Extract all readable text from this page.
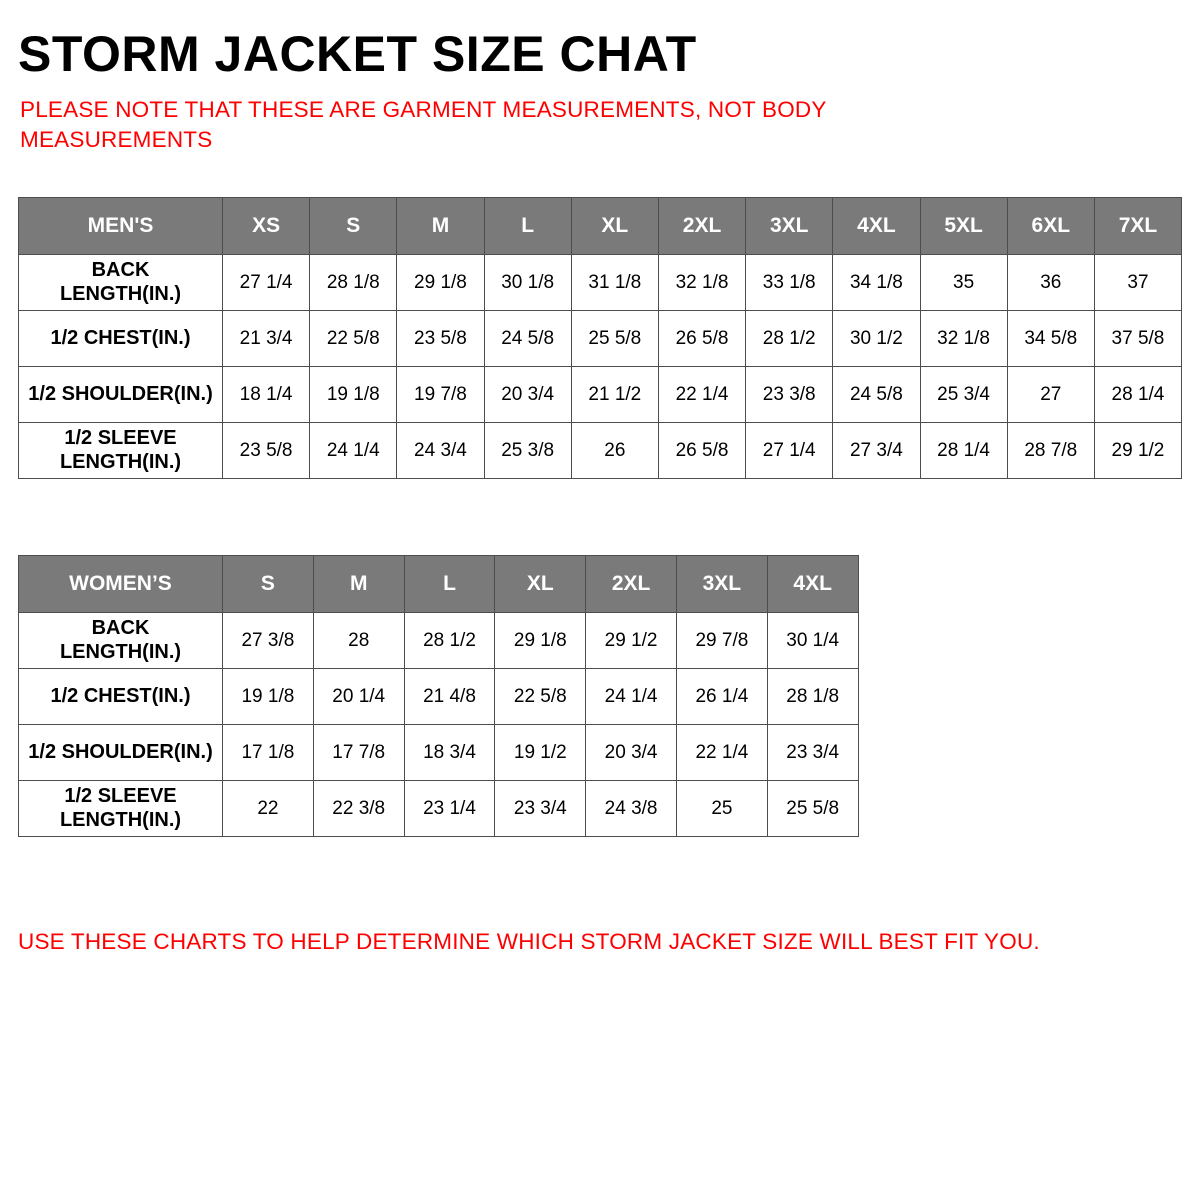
STORM JACKET SIZE CHAT
PLEASE NOTE THAT THESE ARE GARMENT MEASUREMENTS, NOT BODY MEASUREMENTS
MEN'S	XS	S	M	L	XL	2XL	3XL	4XL	5XL	6XL	7XL

BACK
LENGTH(IN.)	27 1/4	28 1/8	29 1/8	30 1/8	31 1/8	32 1/8	33 1/8	34 1/8	35	36	37

1/2 CHEST(IN.)	21 3/4	22 5/8	23 5/8	24 5/8	25 5/8	26 5/8	28 1/2	30 1/2	32 1/8	34 5/8	37 5/8

1/2 SHOULDER(IN.)	18 1/4	19 1/8	19 7/8	20 3/4	21 1/2	22 1/4	23 3/8	24 5/8	25 3/4	27	28 1/4

1/2 SLEEVE
LENGTH(IN.)	23 5/8	24 1/4	24 3/4	25 3/8	26	26 5/8	27 1/4	27 3/4	28 1/4	28 7/8	29 1/2
WOMEN’S	S	M	L	XL	2XL	3XL	4XL

BACK
LENGTH(IN.)	27 3/8	28	28 1/2	29 1/8	29 1/2	29 7/8	30 1/4

1/2 CHEST(IN.)	19 1/8	20 1/4	21 4/8	22 5/8	24 1/4	26 1/4	28 1/8

1/2 SHOULDER(IN.)	17 1/8	17 7/8	18 3/4	19 1/2	20 3/4	22 1/4	23 3/4

1/2 SLEEVE
LENGTH(IN.)	22	22 3/8	23 1/4	23 3/4	24 3/8	25	25 5/8
USE THESE CHARTS TO HELP DETERMINE WHICH STORM JACKET SIZE WILL BEST FIT YOU.
